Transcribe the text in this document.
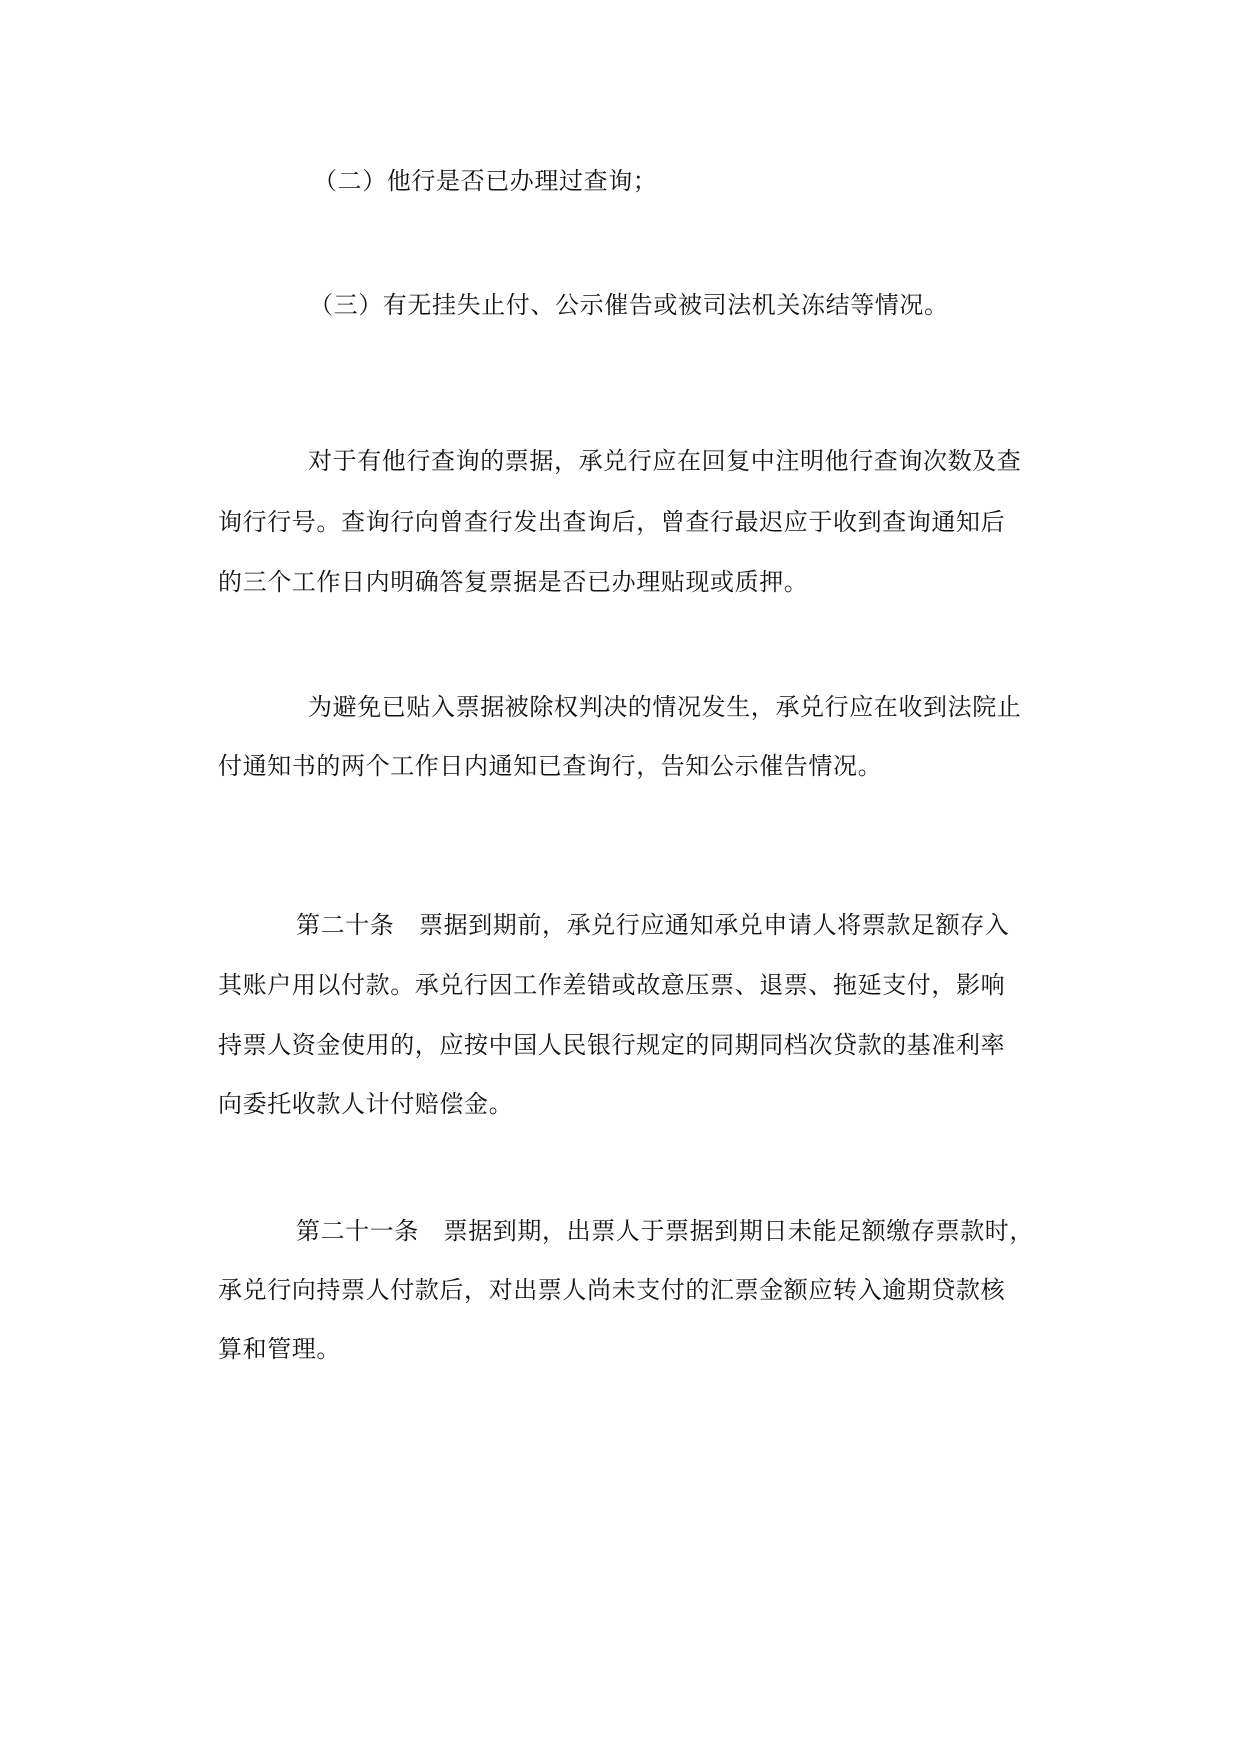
（二）他行是否已办理过查询；
（三）有无挂失止付、公示催告或被司法机关冻结等情况。
对于有他行查询的票据，承兑行应在回复中注明他行查询次数及查
询行行号。查询行向曾查行发出查询后，曾查行最迟应于收到查询通知后
的三个工作日内明确答复票据是否已办理贴现或质押。
为避免已贴入票据被除权判决的情况发生，承兑行应在收到法院止
付通知书的两个工作日内通知已查询行，告知公示催告情况。
第二十条　票据到期前，承兑行应通知承兑申请人将票款足额存入
其账户用以付款。承兑行因工作差错或故意压票、退票、拖延支付，影响
持票人资金使用的，应按中国人民银行规定的同期同档次贷款的基准利率
向委托收款人计付赔偿金。
第二十一条　票据到期，出票人于票据到期日未能足额缴存票款时，
承兑行向持票人付款后，对出票人尚未支付的汇票金额应转入逾期贷款核
算和管理。
